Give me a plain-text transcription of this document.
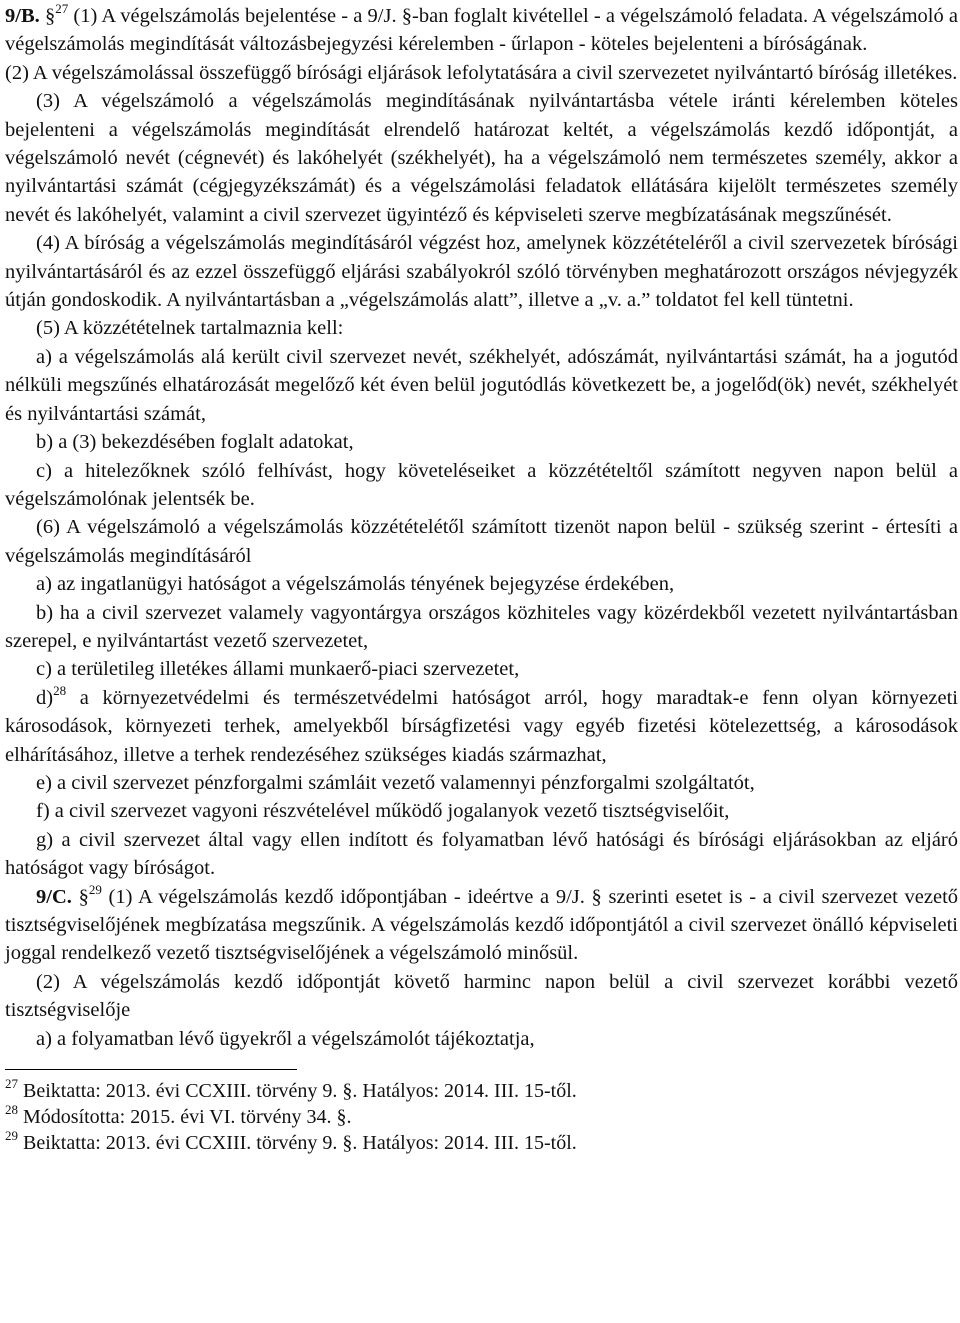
9/B. §$^{27}$ (1) A végelszámolás bejelentése - a 9/J. §-ban foglalt kivétellel - a végelszámoló feladata. A végelszámoló a végelszámolás megindítását változásbejegyzési kérelemben - űrlapon - köteles bejelenteni a bíróságának.

(2) A végelszámolással összefüggő bírósági eljárások lefolytatására a civil szervezetet nyilvántartó bíróság illetékes.

(3) A végelszámoló a végelszámolás megindításának nyilvántartásba vétele iránti kérelemben köteles bejelenteni a végelszámolás megindítását elrendelő határozat keltét, a végelszámolás kezdő időpontját, a végelszámoló nevét (cégnevét) és lakóhelyét (székhelyét), ha a végelszámoló nem természetes személy, akkor a nyilvántartási számát (cégjegyzékszámát) és a végelszámolási feladatok ellátására kijelölt természetes személy nevét és lakóhelyét, valamint a civil szervezet ügyintéző és képviseleti szerve megbízatásának megszűnését.

(4) A bíróság a végelszámolás megindításáról végzést hoz, amelynek közzétételéről a civil szervezetek bírósági nyilvántartásáról és az ezzel összefüggő eljárási szabályokról szóló törvényben meghatározott országos névjegyzék útján gondoskodik. A nyilvántartásban a „végelszámolás alatt”, illetve a „v. a.” toldatot fel kell tüntetni.

(5) A közzétételnek tartalmaznia kell:

a) a végelszámolás alá került civil szervezet nevét, székhelyét, adószámát, nyilvántartási számát, ha a jogutód nélküli megszűnés elhatározását megelőző két éven belül jogutódlás következett be, a jogelőd(ök) nevét, székhelyét és nyilvántartási számát,

b) a (3) bekezdésében foglalt adatokat,

c) a hitelezőknek szóló felhívást, hogy követeléseiket a közzétételtől számított negyven napon belül a végelszámolónak jelentsék be.

(6) A végelszámoló a végelszámolás közzétételétől számított tizenöt napon belül - szükség szerint - értesíti a végelszámolás megindításáról

a) az ingatlanügyi hatóságot a végelszámolás tényének bejegyzése érdekében,

b) ha a civil szervezet valamely vagyontárgya országos közhiteles vagy közérdekből vezetett nyilvántartásban szerepel, e nyilvántartást vezető szervezetet,

c) a területileg illetékes állami munkaerő-piaci szervezetet,

d)$^{28}$ a környezetvédelmi és természetvédelmi hatóságot arról, hogy maradtak-e fenn olyan környezeti károsodások, környezeti terhek, amelyekből bírságfizetési vagy egyéb fizetési kötelezettség, a károsodások elhárításához, illetve a terhek rendezéséhez szükséges kiadás származhat,

e) a civil szervezet pénzforgalmi számláit vezető valamennyi pénzforgalmi szolgáltatót,

f) a civil szervezet vagyoni részvételével működő jogalanyok vezető tisztségviselőit,

g) a civil szervezet által vagy ellen indított és folyamatban lévő hatósági és bírósági eljárásokban az eljáró hatóságot vagy bíróságot.

9/C. §$^{29}$ (1) A végelszámolás kezdő időpontjában - ideértve a 9/J. § szerinti esetet is - a civil szervezet vezető tisztségviselőjének megbízatása megszűnik. A végelszámolás kezdő időpontjától a civil szervezet önálló képviseleti joggal rendelkező vezető tisztségviselőjének a végelszámoló minősül.

(2) A végelszámolás kezdő időpontját követő harminc napon belül a civil szervezet korábbi vezető tisztségviselője

a) a folyamatban lévő ügyekről a végelszámolót tájékoztatja,

$^{27}$ Beiktatta: 2013. évi CCXIII. törvény 9. §. Hatályos: 2014. III. 15-től.

$^{28}$ Módosította: 2015. évi VI. törvény 34. §.

$^{29}$ Beiktatta: 2013. évi CCXIII. törvény 9. §. Hatályos: 2014. III. 15-től.
